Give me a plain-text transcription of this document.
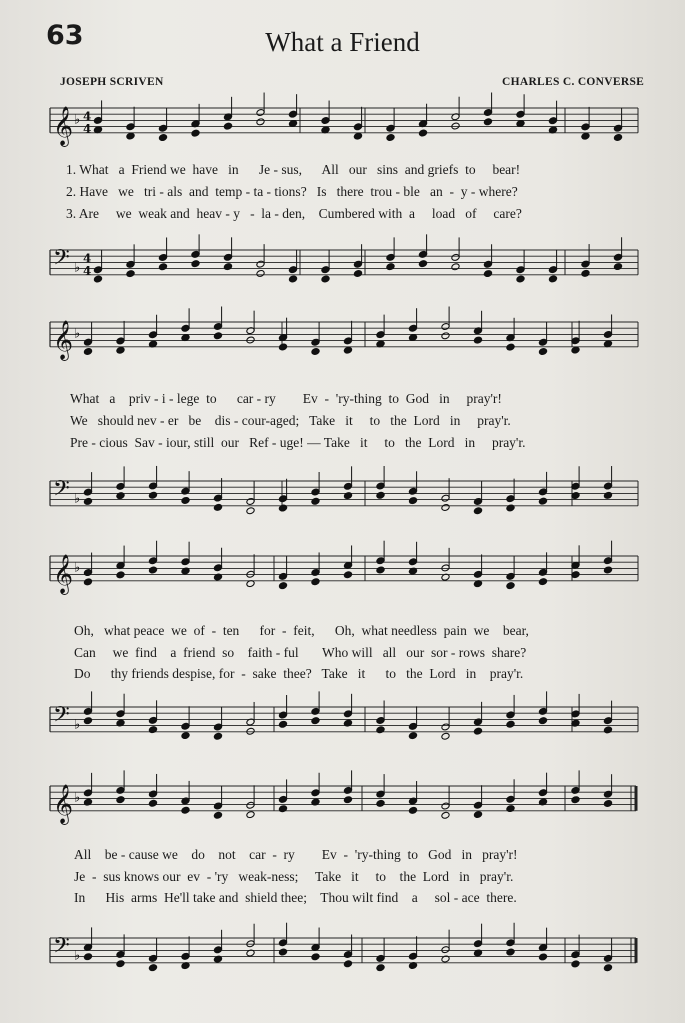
63	What a Friend
JOSEPH SCRIVEN	CHARLES C. CONVERSE
𝄞 ♭ 4
4
𝄢 ♭
4
4
𝄞 ♭
𝄢 ♭
𝄞 ♭
𝄢 ♭
𝄞 ♭
𝄢 ♭
1. What   a  Friend we  have   in      Je - sus,      All   our   sins  and griefs  to     bear!
2. Have   we   tri - als  and  temp - ta - tions?   Is   there  trou - ble   an  -  y - where?
3. Are     we  weak and  heav - y   -  la - den,    Cumbered with  a     load   of     care?
What   a    priv - i - lege  to      car - ry        Ev  -  'ry-thing  to  God   in     pray'r!
We   should nev - er   be    dis - cour-aged;   Take   it     to   the  Lord   in     pray'r.
Pre - cious  Sav - iour, still  our   Ref - uge! — Take   it     to   the  Lord   in     pray'r.
Oh,   what peace  we  of  -  ten      for  -  feit,      Oh,  what needless  pain  we    bear,
Can     we  find    a  friend  so    faith - ful       Who will   all   our  sor - rows  share?
Do      thy friends despise, for  -  sake  thee?   Take   it      to   the  Lord   in    pray'r.
All    be - cause we    do    not    car  -  ry        Ev  -  'ry-thing  to   God   in   pray'r!
Je  -  sus knows our  ev  - 'ry   weak-ness;     Take   it     to    the  Lord   in   pray'r.
In      His  arms  He'll take and  shield thee;    Thou wilt find    a     sol - ace  there.
